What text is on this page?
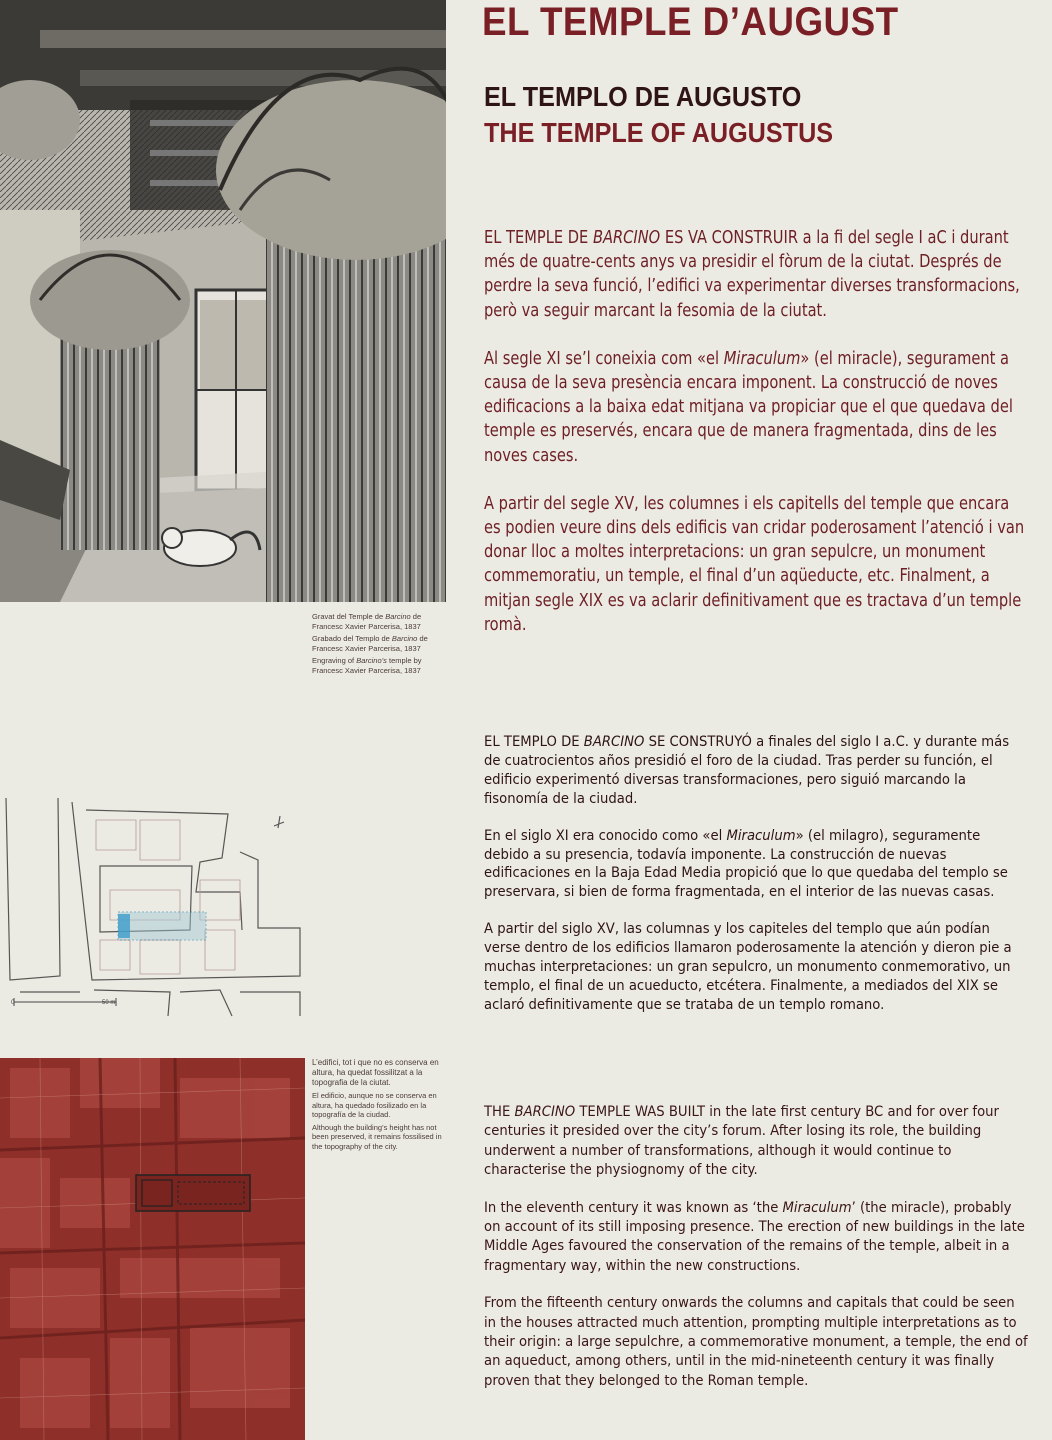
Gravat del Temple de Barcino de Francesc Xavier Parcerisa, 1837

Grabado del Templo de Barcino de Francesc Xavier Parcerisa, 1837

Engraving of Barcino’s temple by Francesc Xavier Parcerisa, 1837

0	50 m

L’edifici, tot i que no es conserva en altura, ha quedat fossilitzat a la topografia de la ciutat.

El edificio, aunque no se conserva en altura, ha quedado fosilizado en la topografía de la ciudad.

Although the building’s height has not been preserved, it remains fossilised in the topography of the city.

EL TEMPLE D’AUGUST
EL TEMPLO DE AUGUSTO
THE TEMPLE OF AUGUSTUS

EL TEMPLE DE BARCINO ES VA CONSTRUIR a la fi del segle I aC i durant més de quatre-cents anys va presidir el fòrum de la ciutat. Després de perdre la seva funció, l’edifici va experimentar diverses transformacions, però va seguir marcant la fesomia de la ciutat.

Al segle XI se’l coneixia com «el Miraculum» (el miracle), segurament a causa de la seva presència encara imponent. La construcció de noves edificacions a la baixa edat mitjana va propiciar que el que quedava del temple es preservés, encara que de manera fragmentada, dins de les noves cases.

A partir del segle XV, les columnes i els capitells del temple que encara es podien veure dins dels edificis van cridar poderosament l’atenció i van donar lloc a moltes interpretacions: un gran sepulcre, un monument commemoratiu, un temple, el final d’un aqüeducte, etc. Finalment, a mitjan segle XIX es va aclarir definitivament que es tractava d’un temple romà.

EL TEMPLO DE BARCINO SE CONSTRUYÓ a finales del siglo I a.C. y durante más de cuatrocientos años presidió el foro de la ciudad. Tras perder su función, el edificio experimentó diversas transformaciones, pero siguió marcando la fisonomía de la ciudad.

En el siglo XI era conocido como «el Miraculum» (el milagro), seguramente debido a su presencia, todavía imponente. La construcción de nuevas edificaciones en la Baja Edad Media propició que lo que quedaba del templo se preservara, si bien de forma fragmentada, en el interior de las nuevas casas.

A partir del siglo XV, las columnas y los capiteles del templo que aún podían verse dentro de los edificios llamaron poderosamente la atención y dieron pie a muchas interpretaciones: un gran sepulcro, un monumento conmemorativo, un templo, el final de un acueducto, etcétera. Finalmente, a mediados del XIX se aclaró definitivamente que se trataba de un templo romano.

THE BARCINO TEMPLE WAS BUILT in the late first century BC and for over four centuries it presided over the city’s forum. After losing its role, the building underwent a number of transformations, although it would continue to characterise the physiognomy of the city.

In the eleventh century it was known as ‘the Miraculum’ (the miracle), probably on account of its still imposing presence. The erection of new buildings in the late Middle Ages favoured the conservation of the remains of the temple, albeit in a fragmentary way, within the new constructions.

From the fifteenth century onwards the columns and capitals that could be seen in the houses attracted much attention, prompting multiple interpretations as to their origin: a large sepulchre, a commemorative monument, a temple, the end of an aqueduct, among others, until in the mid-nineteenth century it was finally proven that they belonged to the Roman temple.
